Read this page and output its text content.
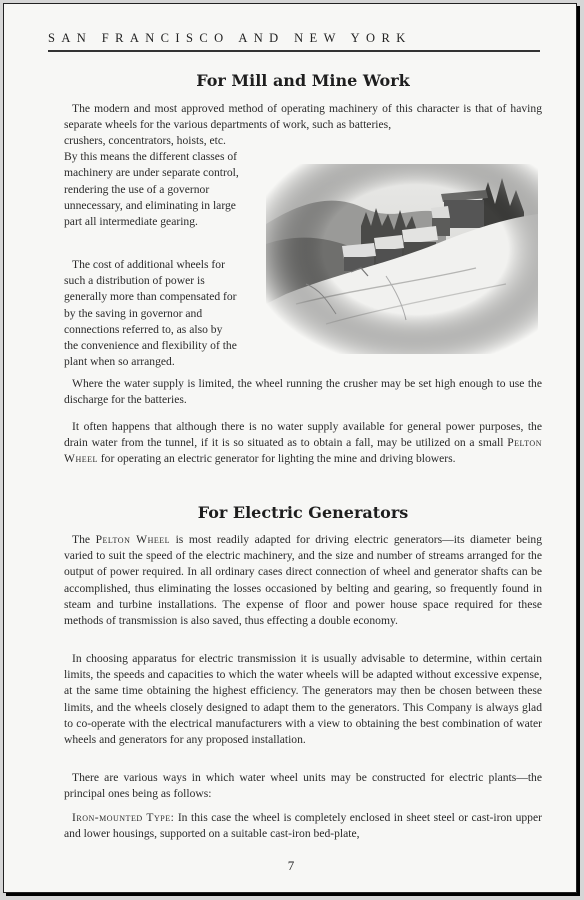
SAN FRANCISCO AND NEW YORK
For Mill and Mine Work

The modern and most approved method of operating machinery of this character is that of having separate wheels for the various departments of work, such as batteries,

crushers, concentrators, hoists, etc. By this means the different classes of machinery are under separate control, rendering the use of a governor unnecessary, and eliminating in large part all intermediate gearing.

The cost of additional wheels for such a distribution of power is generally more than compensated for by the saving in governor and connections referred to, as also by the convenience and flexibility of the plant when so arranged.

Where the water supply is limited, the wheel running the crusher may be set high enough to use the discharge for the batteries.

It often happens that although there is no water supply available for general power purposes, the drain water from the tunnel, if it is so situated as to obtain a fall, may be utilized on a small Pelton Wheel for operating an electric generator for lighting the mine and driving blowers.

For Electric Generators

The Pelton Wheel is most readily adapted for driving electric generators—its diameter being varied to suit the speed of the electric machinery, and the size and number of streams arranged for the output of power required. In all ordinary cases direct connection of wheel and generator shafts can be accomplished, thus eliminating the losses occasioned by belting and gearing, so frequently found in steam and turbine installations. The expense of floor and power house space required for these methods of transmission is also saved, thus effecting a double economy.

In choosing apparatus for electric transmission it is usually advisable to determine, within certain limits, the speeds and capacities to which the water wheels will be adapted without excessive expense, at the same time obtaining the highest efficiency. The generators may then be chosen between these limits, and the wheels closely designed to adapt them to the generators. This Company is always glad to co-operate with the electrical manufacturers with a view to obtaining the best combination of water wheels and generators for any proposed installation.

There are various ways in which water wheel units may be constructed for electric plants—the principal ones being as follows:

Iron-mounted Type: In this case the wheel is completely enclosed in sheet steel or cast-iron upper and lower housings, supported on a suitable cast-iron bed-plate,

7
